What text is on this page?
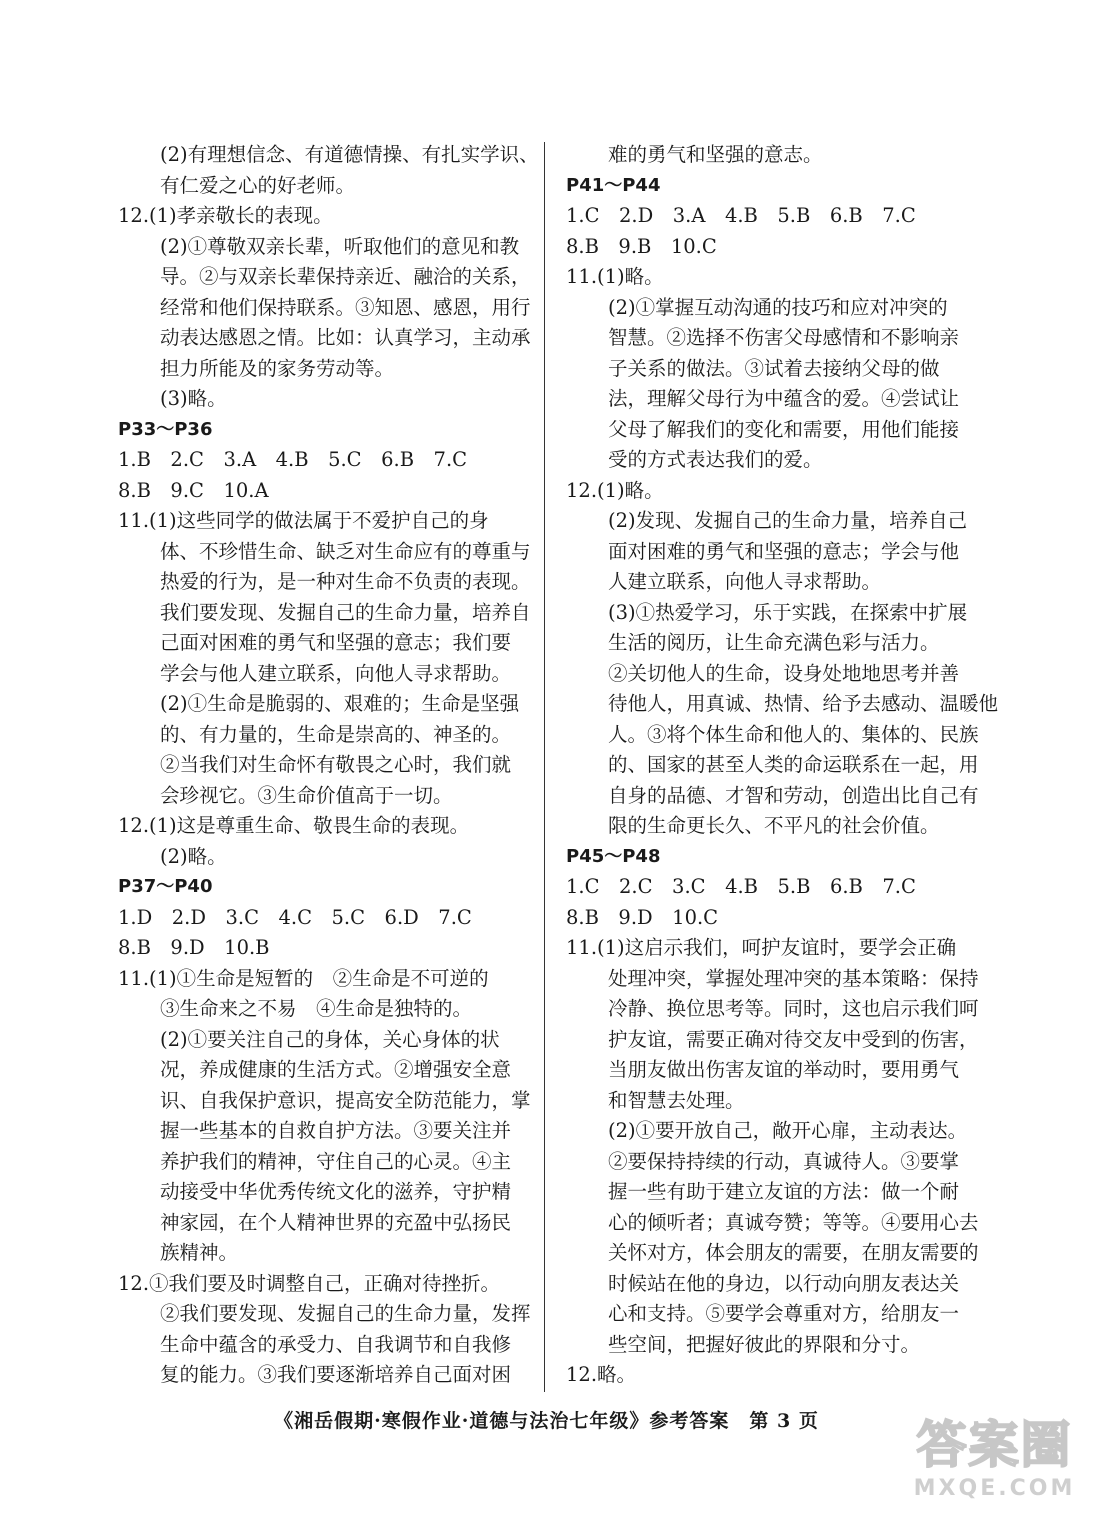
(2)有理想信念、有道德情操、有扎实学识、
有仁爱之心的好老师。
12.(1)孝亲敬长的表现。
(2)①尊敬双亲长辈，听取他们的意见和教
导。②与双亲长辈保持亲近、融洽的关系，
经常和他们保持联系。③知恩、感恩，用行
动表达感恩之情。比如：认真学习，主动承
担力所能及的家务劳动等。
(3)略。
P33～P36
1.B　2.C　3.A　4.B　5.C　6.B　7.C
8.B　9.C　10.A
11.(1)这些同学的做法属于不爱护自己的身
体、不珍惜生命、缺乏对生命应有的尊重与
热爱的行为，是一种对生命不负责的表现。
我们要发现、发掘自己的生命力量，培养自
己面对困难的勇气和坚强的意志；我们要
学会与他人建立联系，向他人寻求帮助。
(2)①生命是脆弱的、艰难的；生命是坚强
的、有力量的，生命是崇高的、神圣的。
②当我们对生命怀有敬畏之心时，我们就
会珍视它。③生命价值高于一切。
12.(1)这是尊重生命、敬畏生命的表现。
(2)略。
P37～P40
1.D　2.D　3.C　4.C　5.C　6.D　7.C
8.B　9.D　10.B
11.(1)①生命是短暂的　②生命是不可逆的
③生命来之不易　④生命是独特的。
(2)①要关注自己的身体，关心身体的状
况，养成健康的生活方式。②增强安全意
识、自我保护意识，提高安全防范能力，掌
握一些基本的自救自护方法。③要关注并
养护我们的精神，守住自己的心灵。④主
动接受中华优秀传统文化的滋养，守护精
神家园，在个人精神世界的充盈中弘扬民
族精神。
12.①我们要及时调整自己，正确对待挫折。
②我们要发现、发掘自己的生命力量，发挥
生命中蕴含的承受力、自我调节和自我修
复的能力。③我们要逐渐培养自己面对困
难的勇气和坚强的意志。
P41～P44
1.C　2.D　3.A　4.B　5.B　6.B　7.C
8.B　9.B　10.C
11.(1)略。
(2)①掌握互动沟通的技巧和应对冲突的
智慧。②选择不伤害父母感情和不影响亲
子关系的做法。③试着去接纳父母的做
法，理解父母行为中蕴含的爱。④尝试让
父母了解我们的变化和需要，用他们能接
受的方式表达我们的爱。
12.(1)略。
(2)发现、发掘自己的生命力量，培养自己
面对困难的勇气和坚强的意志；学会与他
人建立联系，向他人寻求帮助。
(3)①热爱学习，乐于实践，在探索中扩展
生活的阅历，让生命充满色彩与活力。
②关切他人的生命，设身处地地思考并善
待他人，用真诚、热情、给予去感动、温暖他
人。③将个体生命和他人的、集体的、民族
的、国家的甚至人类的命运联系在一起，用
自身的品德、才智和劳动，创造出比自己有
限的生命更长久、不平凡的社会价值。
P45～P48
1.C　2.C　3.C　4.B　5.B　6.B　7.C
8.B　9.D　10.C
11.(1)这启示我们，呵护友谊时，要学会正确
处理冲突，掌握处理冲突的基本策略：保持
冷静、换位思考等。同时，这也启示我们呵
护友谊，需要正确对待交友中受到的伤害，
当朋友做出伤害友谊的举动时，要用勇气
和智慧去处理。
(2)①要开放自己，敞开心扉，主动表达。
②要保持持续的行动，真诚待人。③要掌
握一些有助于建立友谊的方法：做一个耐
心的倾听者；真诚夸赞；等等。④要用心去
关怀对方，体会朋友的需要，在朋友需要的
时候站在他的身边，以行动向朋友表达关
心和支持。⑤要学会尊重对方，给朋友一
些空间，把握好彼此的界限和分寸。
12.略。
《湘岳假期·寒假作业·道德与法治七年级》参考答案　第 3 页	答案圈
MXQE.COM
